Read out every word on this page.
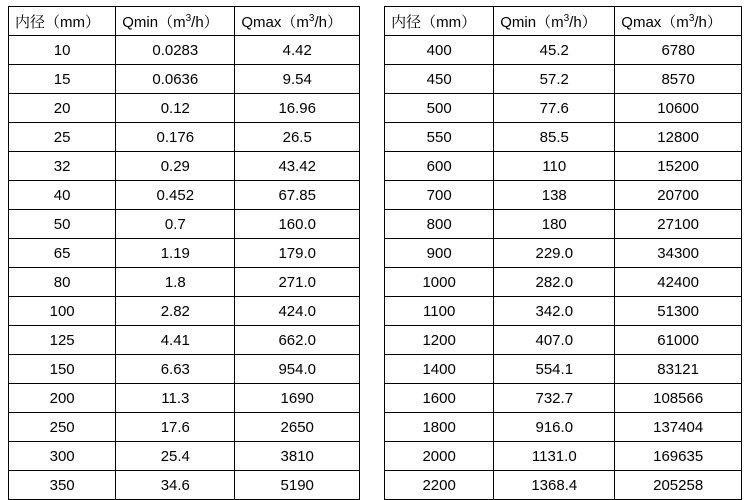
内径（mm）	$Qmin(m^3/h)$	$Qmax(m^3/h)$
10	0.0283	4.42
15	0.0636	9.54
20	0.12	16.96
25	0.176	26.5
32	0.29	43.42
40	0.452	67.85
50	0.7	160.0
65	1.19	179.0
80	1.8	271.0
100	2.82	424.0
125	4.41	662.0
150	6.63	954.0
200	11.3	1690
250	17.6	2650
300	25.4	3810
350	34.6	5190
内径（mm）	$Qmin(m^3/h)$	$Qmax(m^3/h)$
400	45.2	6780
450	57.2	8570
500	77.6	10600
550	85.5	12800
600	110	15200
700	138	20700
800	180	27100
900	229.0	34300
1000	282.0	42400
1100	342.0	51300
1200	407.0	61000
1400	554.1	83121
1600	732.7	108566
1800	916.0	137404
2000	1131.0	169635
2200	1368.4	205258
